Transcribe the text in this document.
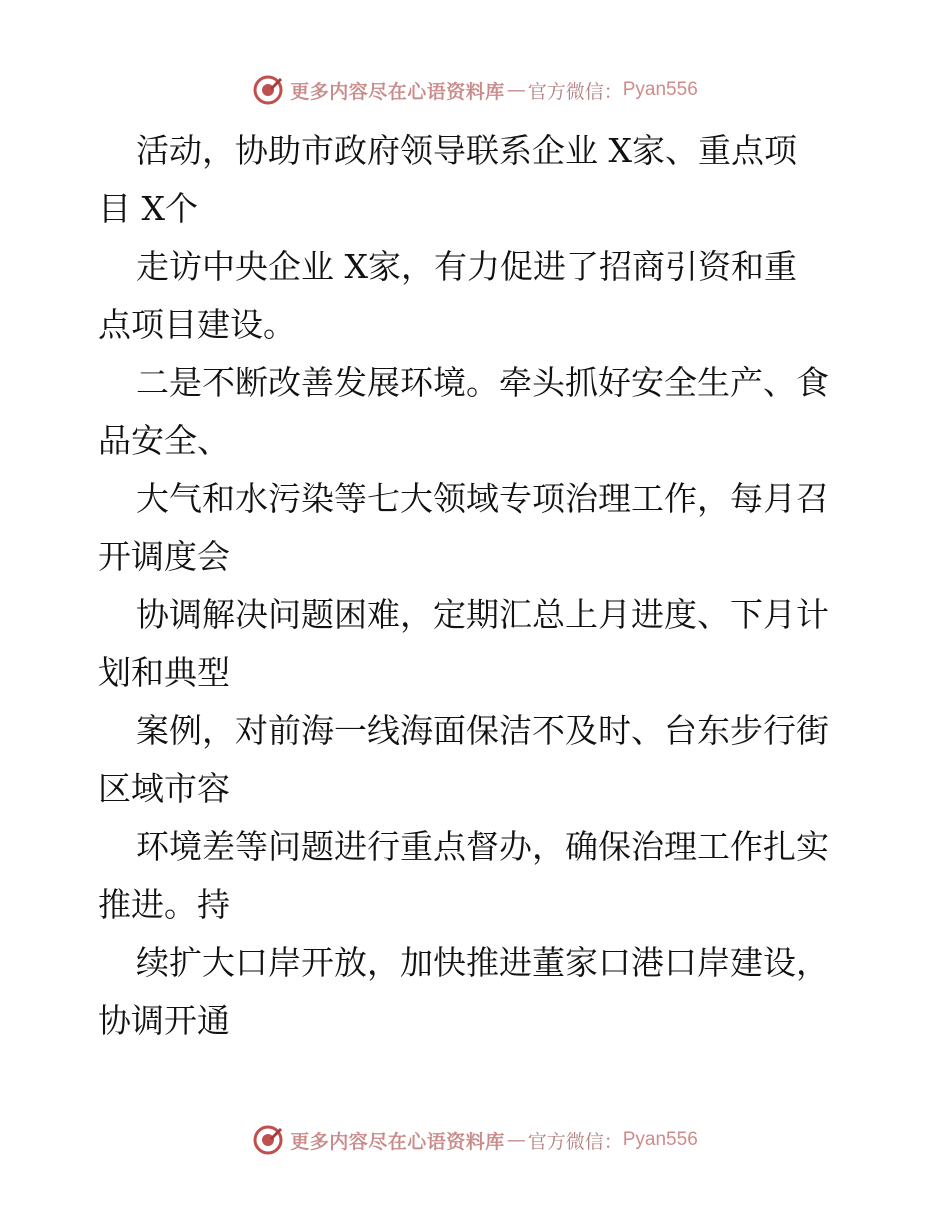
更多内容尽在心语资料库 — 官方微信： Pyan556

活动，协助市政府领导联系企业 X家、重点项
目 X个

走访中央企业 X家，有力促进了招商引资和重
点项目建设。

二是不断改善发展环境。牵头抓好安全生产、食
品安全、

大气和水污染等七大领域专项治理工作，每月召
开调度会

协调解决问题困难，定期汇总上月进度、下月计
划和典型

案例，对前海一线海面保洁不及时、台东步行街
区域市容

环境差等问题进行重点督办，确保治理工作扎实
推进。持

续扩大口岸开放，加快推进董家口港口岸建设，
协调开通

更多内容尽在心语资料库 — 官方微信： Pyan556
